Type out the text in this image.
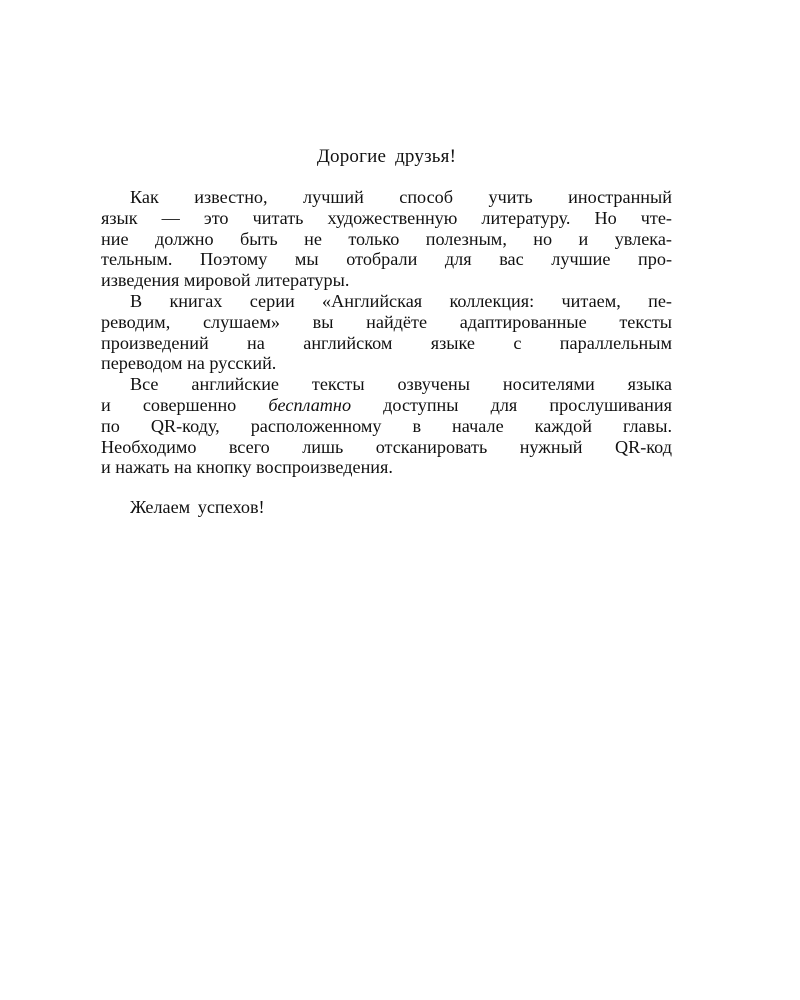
Дорогие друзья!
Как известно, лучший способ учить иностранный
язык — это читать художественную литературу. Но чте-
ние должно быть не только полезным, но и увлека-
тельным. Поэтому мы отобрали для вас лучшие про-
изведения мировой литературы.
В книгах серии «Английская коллекция: читаем, пе-
реводим, слушаем» вы найдёте адаптированные тексты
произведений на английском языке с параллельным
переводом на русский.
Все английские тексты озвучены носителями языка
и совершенно бесплатно доступны для прослушивания
по QR-коду, расположенному в начале каждой главы.
Необходимо всего лишь отсканировать нужный QR-код
и нажать на кнопку воспроизведения.

Желаем успехов!
